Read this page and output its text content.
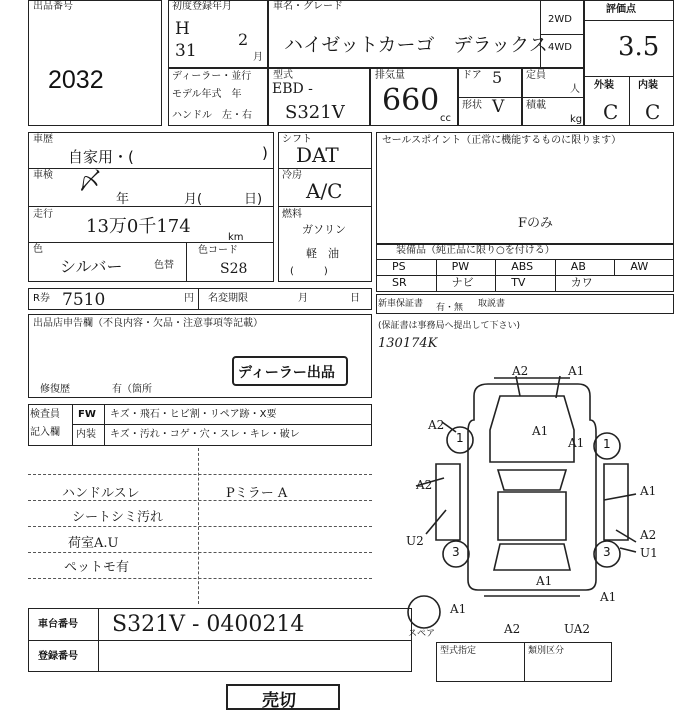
出品番号
2032
初度登録年月
H
31
2
月
車名・グレード
ハイゼットカーゴ　デラックス
2WD
4WD
評価点
3.5
外装 内装
C C
ディーラー・並行
モデル年式　年
ハンドル　左・右
型式
EBD -
S321V
排気量
660
cc
ドア 5
形状 V
定員
人
積載
kg
車歴
自家用・(	)
車検 〆
年	月(	日)
走行
13万0千174
km
色
シルバー	色替
色コード
S28
シフト
DAT
冷房
A/C
燃料
ガソリン
軽　油
(　　　)
セールスポイント（正常に機能するものに限ります）
Fのみ
装備品（純正品に限り○を付ける）
PS	PW	ABS	AB	AW
SR	ナビ	TV	カワ
新車保証書 有・無 取説書
(保証書は事務局へ提出して下さい)
130174K
R券 7510	円 名変期限	月	日
出品店申告欄（不良内容・欠品・注意事項等記載）
修復歴	有（箇所
ディーラー出品
検査員
記入欄
FW キズ・飛石・ヒビ割・リペア跡・X要
内装 キズ・汚れ・コゲ・穴・スレ・キレ・破レ
ハンドルスレ
シートシミ汚れ
荷室A.U
ペットモ有
Pミラー A
車台番号 S321V - 0400214
登録番号	型式指定	類別区分
売切
A2	A1
A2	A1
A1
A2
A1
U2	A2
U1
A1
A1
A2	UA2
A1
1	1
3	3
スペア
